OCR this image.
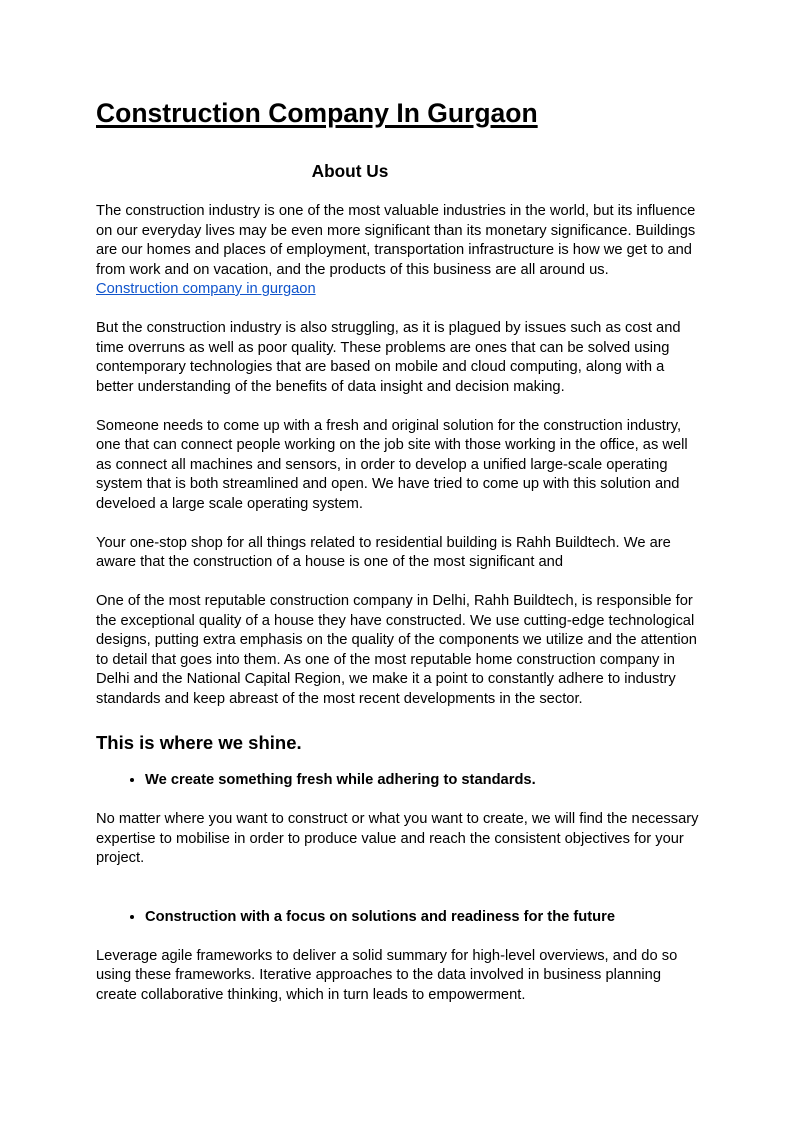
Construction Company In Gurgaon
About Us

The construction industry is one of the most valuable industries in the world, but its influence on our everyday lives may be even more significant than its monetary significance. Buildings are our homes and places of employment, transportation infrastructure is how we get to and from work and on vacation, and the products of this business are all around us.
Construction company in gurgaon

But the construction industry is also struggling, as it is plagued by issues such as cost and time overruns as well as poor quality. These problems are ones that can be solved using contemporary technologies that are based on mobile and cloud computing, along with a better understanding of the benefits of data insight and decision making.

Someone needs to come up with a fresh and original solution for the construction industry, one that can connect people working on the job site with those working in the office, as well as connect all machines and sensors, in order to develop a unified large-scale operating system that is both streamlined and open. We have tried to come up with this solution and develoed a large scale operating system.

Your one-stop shop for all things related to residential building is Rahh Buildtech. We are aware that the construction of a house is one of the most significant and

One of the most reputable construction company in Delhi, Rahh Buildtech, is responsible for the exceptional quality of a house they have constructed. We use cutting-edge technological designs, putting extra emphasis on the quality of the components we utilize and the attention to detail that goes into them. As one of the most reputable home construction company in Delhi and the National Capital Region, we make it a point to constantly adhere to industry standards and keep abreast of the most recent developments in the sector.

This is where we shine.
• We create something fresh while adhering to standards.

No matter where you want to construct or what you want to create, we will find the necessary expertise to mobilise in order to produce value and reach the consistent objectives for your project.

• Construction with a focus on solutions and readiness for the future

Leverage agile frameworks to deliver a solid summary for high-level overviews, and do so using these frameworks. Iterative approaches to the data involved in business planning create collaborative thinking, which in turn leads to empowerment.
